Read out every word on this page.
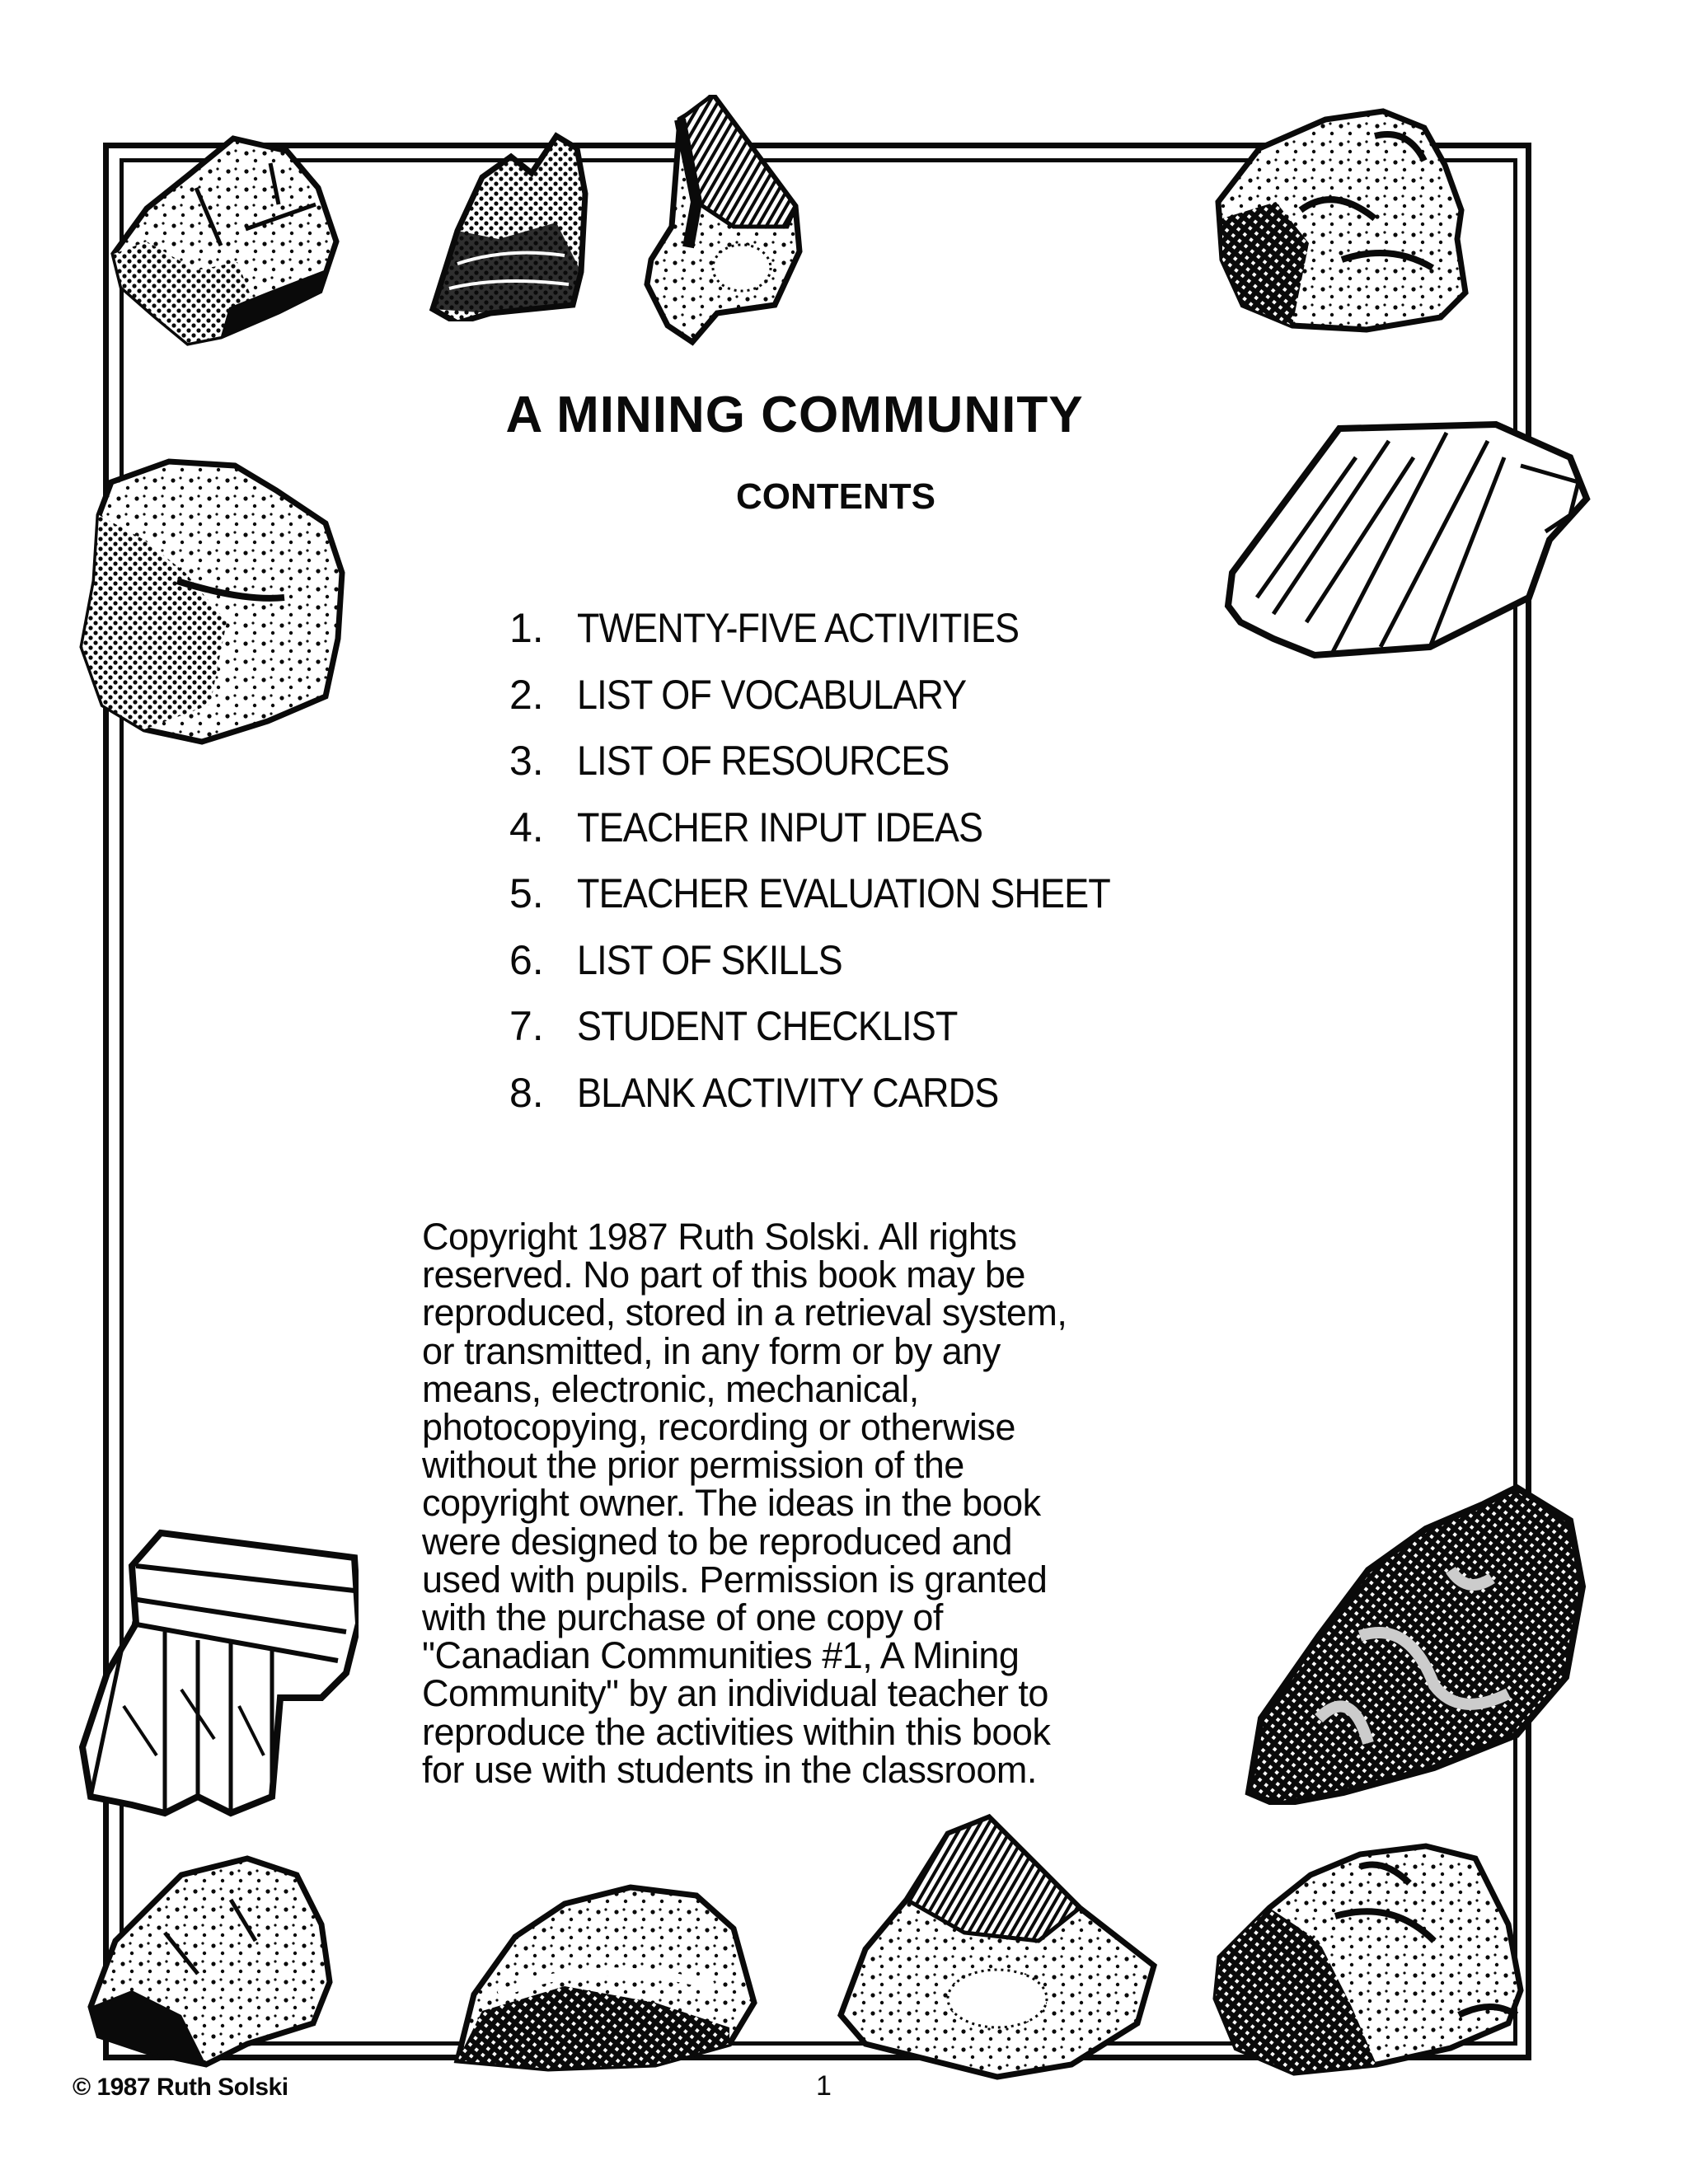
A MINING COMMUNITY
CONTENTS
1. TWENTY-FIVE ACTIVITIES
2. LIST OF VOCABULARY
3. LIST OF RESOURCES
4. TEACHER INPUT IDEAS
5. TEACHER EVALUATION SHEET
6. LIST OF SKILLS
7. STUDENT CHECKLIST
8. BLANK ACTIVITY CARDS
Copyright 1987 Ruth Solski. All rights
reserved. No part of this book may be
reproduced, stored in a retrieval system,
or transmitted, in any form or by any
means, electronic, mechanical,
photocopying, recording or otherwise
without the prior permission of the
copyright owner. The ideas in the book
were designed to be reproduced and
used with pupils. Permission is granted
with the purchase of one copy of
"Canadian Communities #1, A Mining
Community" by an individual teacher to
reproduce the activities within this book
for use with students in the classroom.
© 1987 Ruth Solski	1
